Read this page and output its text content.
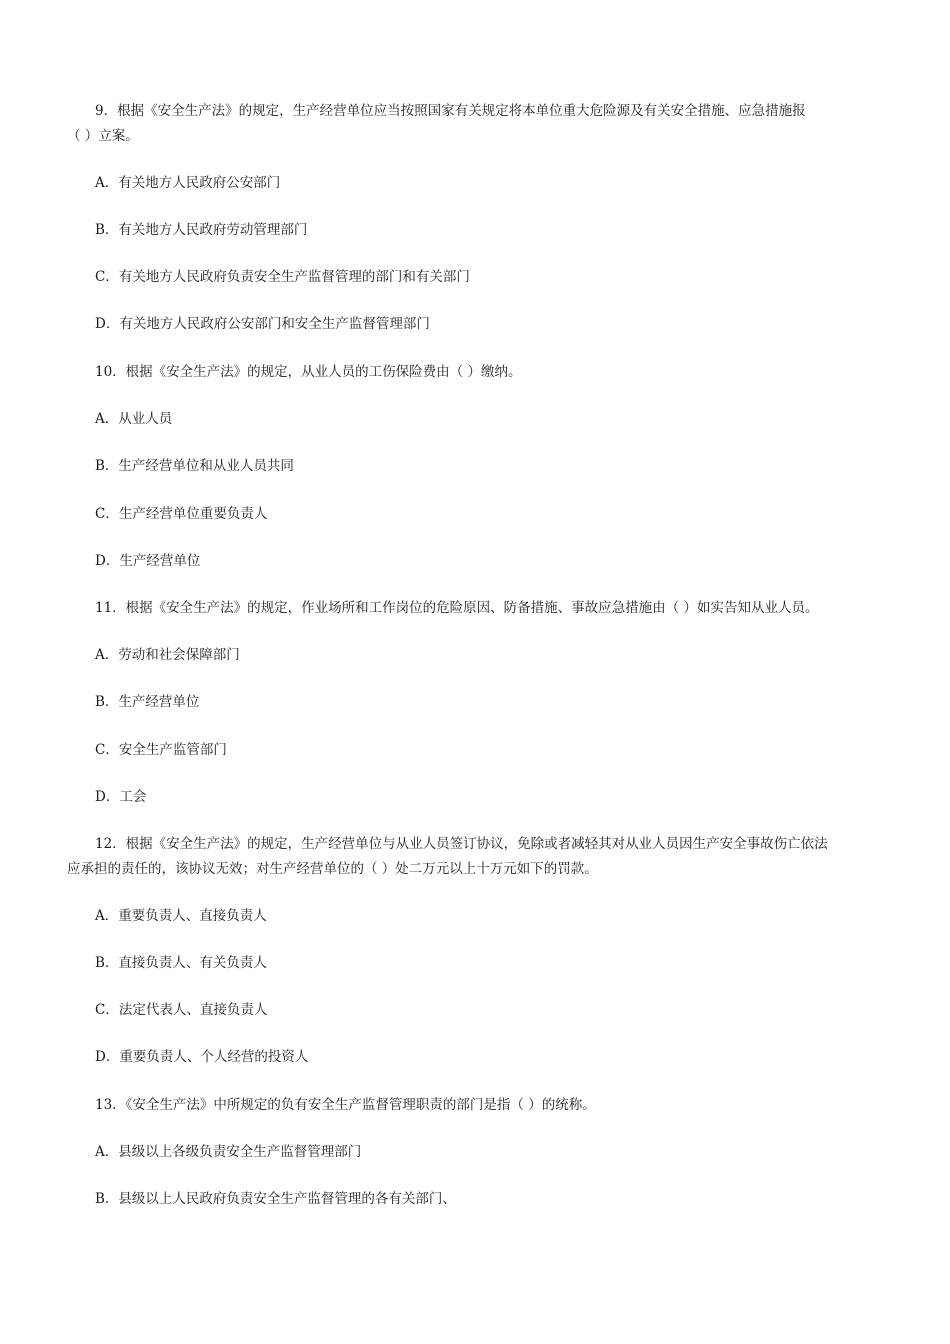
9．根据《安全生产法》的规定，生产经营单位应当按照国家有关规定将本单位重大危险源及有关安全措施、应急措施报
（ ）立案。
A．有关地方人民政府公安部门
B．有关地方人民政府劳动管理部门
C．有关地方人民政府负责安全生产监督管理的部门和有关部门
D．有关地方人民政府公安部门和安全生产监督管理部门
10．根据《安全生产法》的规定，从业人员的工伤保险费由（ ）缴纳。
A．从业人员
B．生产经营单位和从业人员共同
C．生产经营单位重要负责人
D．生产经营单位
11．根据《安全生产法》的规定，作业场所和工作岗位的危险原因、防备措施、事故应急措施由（ ）如实告知从业人员。
A．劳动和社会保障部门
B．生产经营单位
C．安全生产监管部门
D．工会
12．根据《安全生产法》的规定，生产经营单位与从业人员签订协议，免除或者减轻其对从业人员因生产安全事故伤亡依法
应承担的责任的，该协议无效；对生产经营单位的（ ）处二万元以上十万元如下的罚款。
A．重要负责人、直接负责人
B．直接负责人、有关负责人
C．法定代表人、直接负责人
D．重要负责人、个人经营的投资人
13．《安全生产法》中所规定的负有安全生产监督管理职责的部门是指（ ）的统称。
A．县级以上各级负责安全生产监督管理部门
B．县级以上人民政府负责安全生产监督管理的各有关部门、
